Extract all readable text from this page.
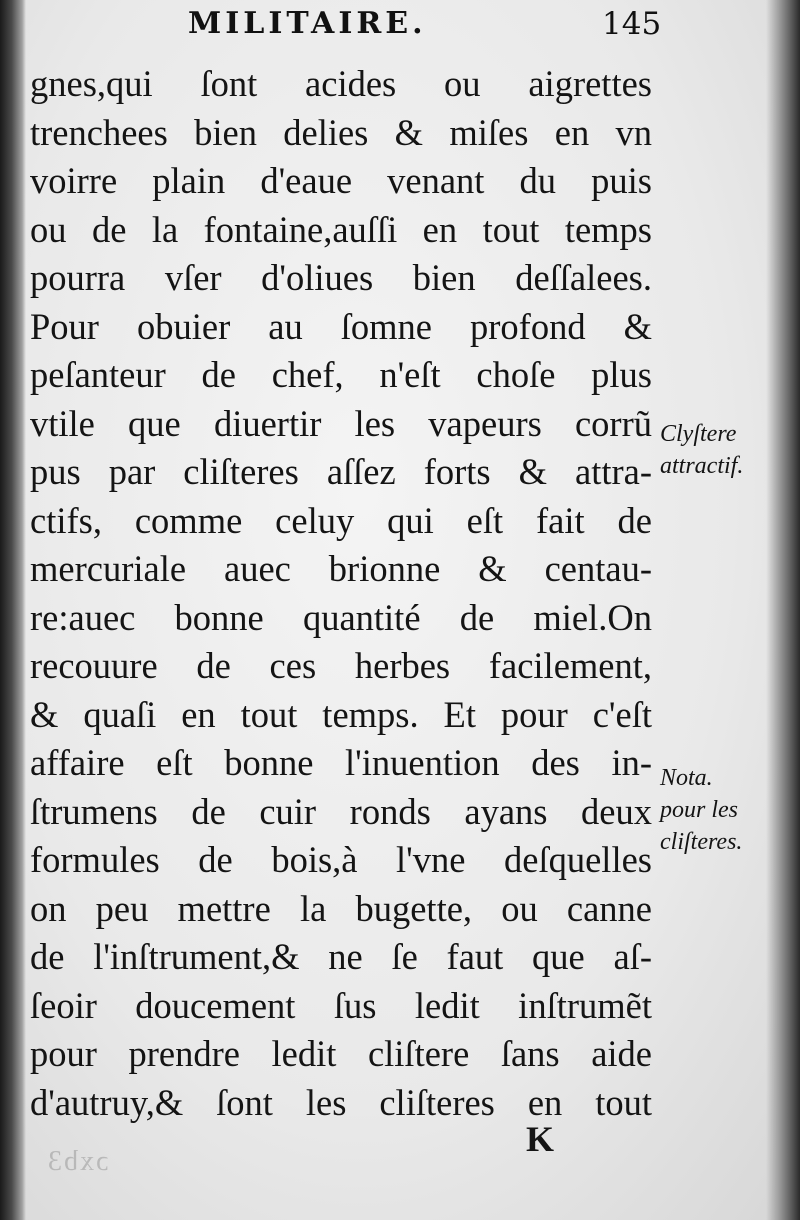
MILITAIRE.	145
gnes,qui ſont acides ou aigrettes
trenchees bien delies & miſes en vn
voirre plain d'eaue venant du puis
ou de la fontaine,auſſi en tout temps
pourra vſer d'oliues bien deſſalees.
Pour obuier au ſomne profond &
peſanteur de chef, n'eſt choſe plus
vtile que diuertir les vapeurs corrũ
pus par cliſteres aſſez forts & attra-
ctifs, comme celuy qui eſt fait de
mercuriale auec brionne & centau-
re:auec bonne quantité de miel.On
recouure de ces herbes facilement,
& quaſi en tout temps. Et pour c'eſt
affaire eſt bonne l'inuention des in-
ſtrumens de cuir ronds ayans deux
formules de bois,à l'vne deſquelles
on peu mettre la bugette, ou canne
de l'inſtrument,& ne ſe faut que aſ-
ſeoir doucement ſus ledit inſtrumẽt
pour prendre ledit cliſtere ſans aide
d'autruy,& ſont les cliſteres en tout
Clyſtere
attractif.
Nota.
pour les
cliſteres.
K
ɔxb3
